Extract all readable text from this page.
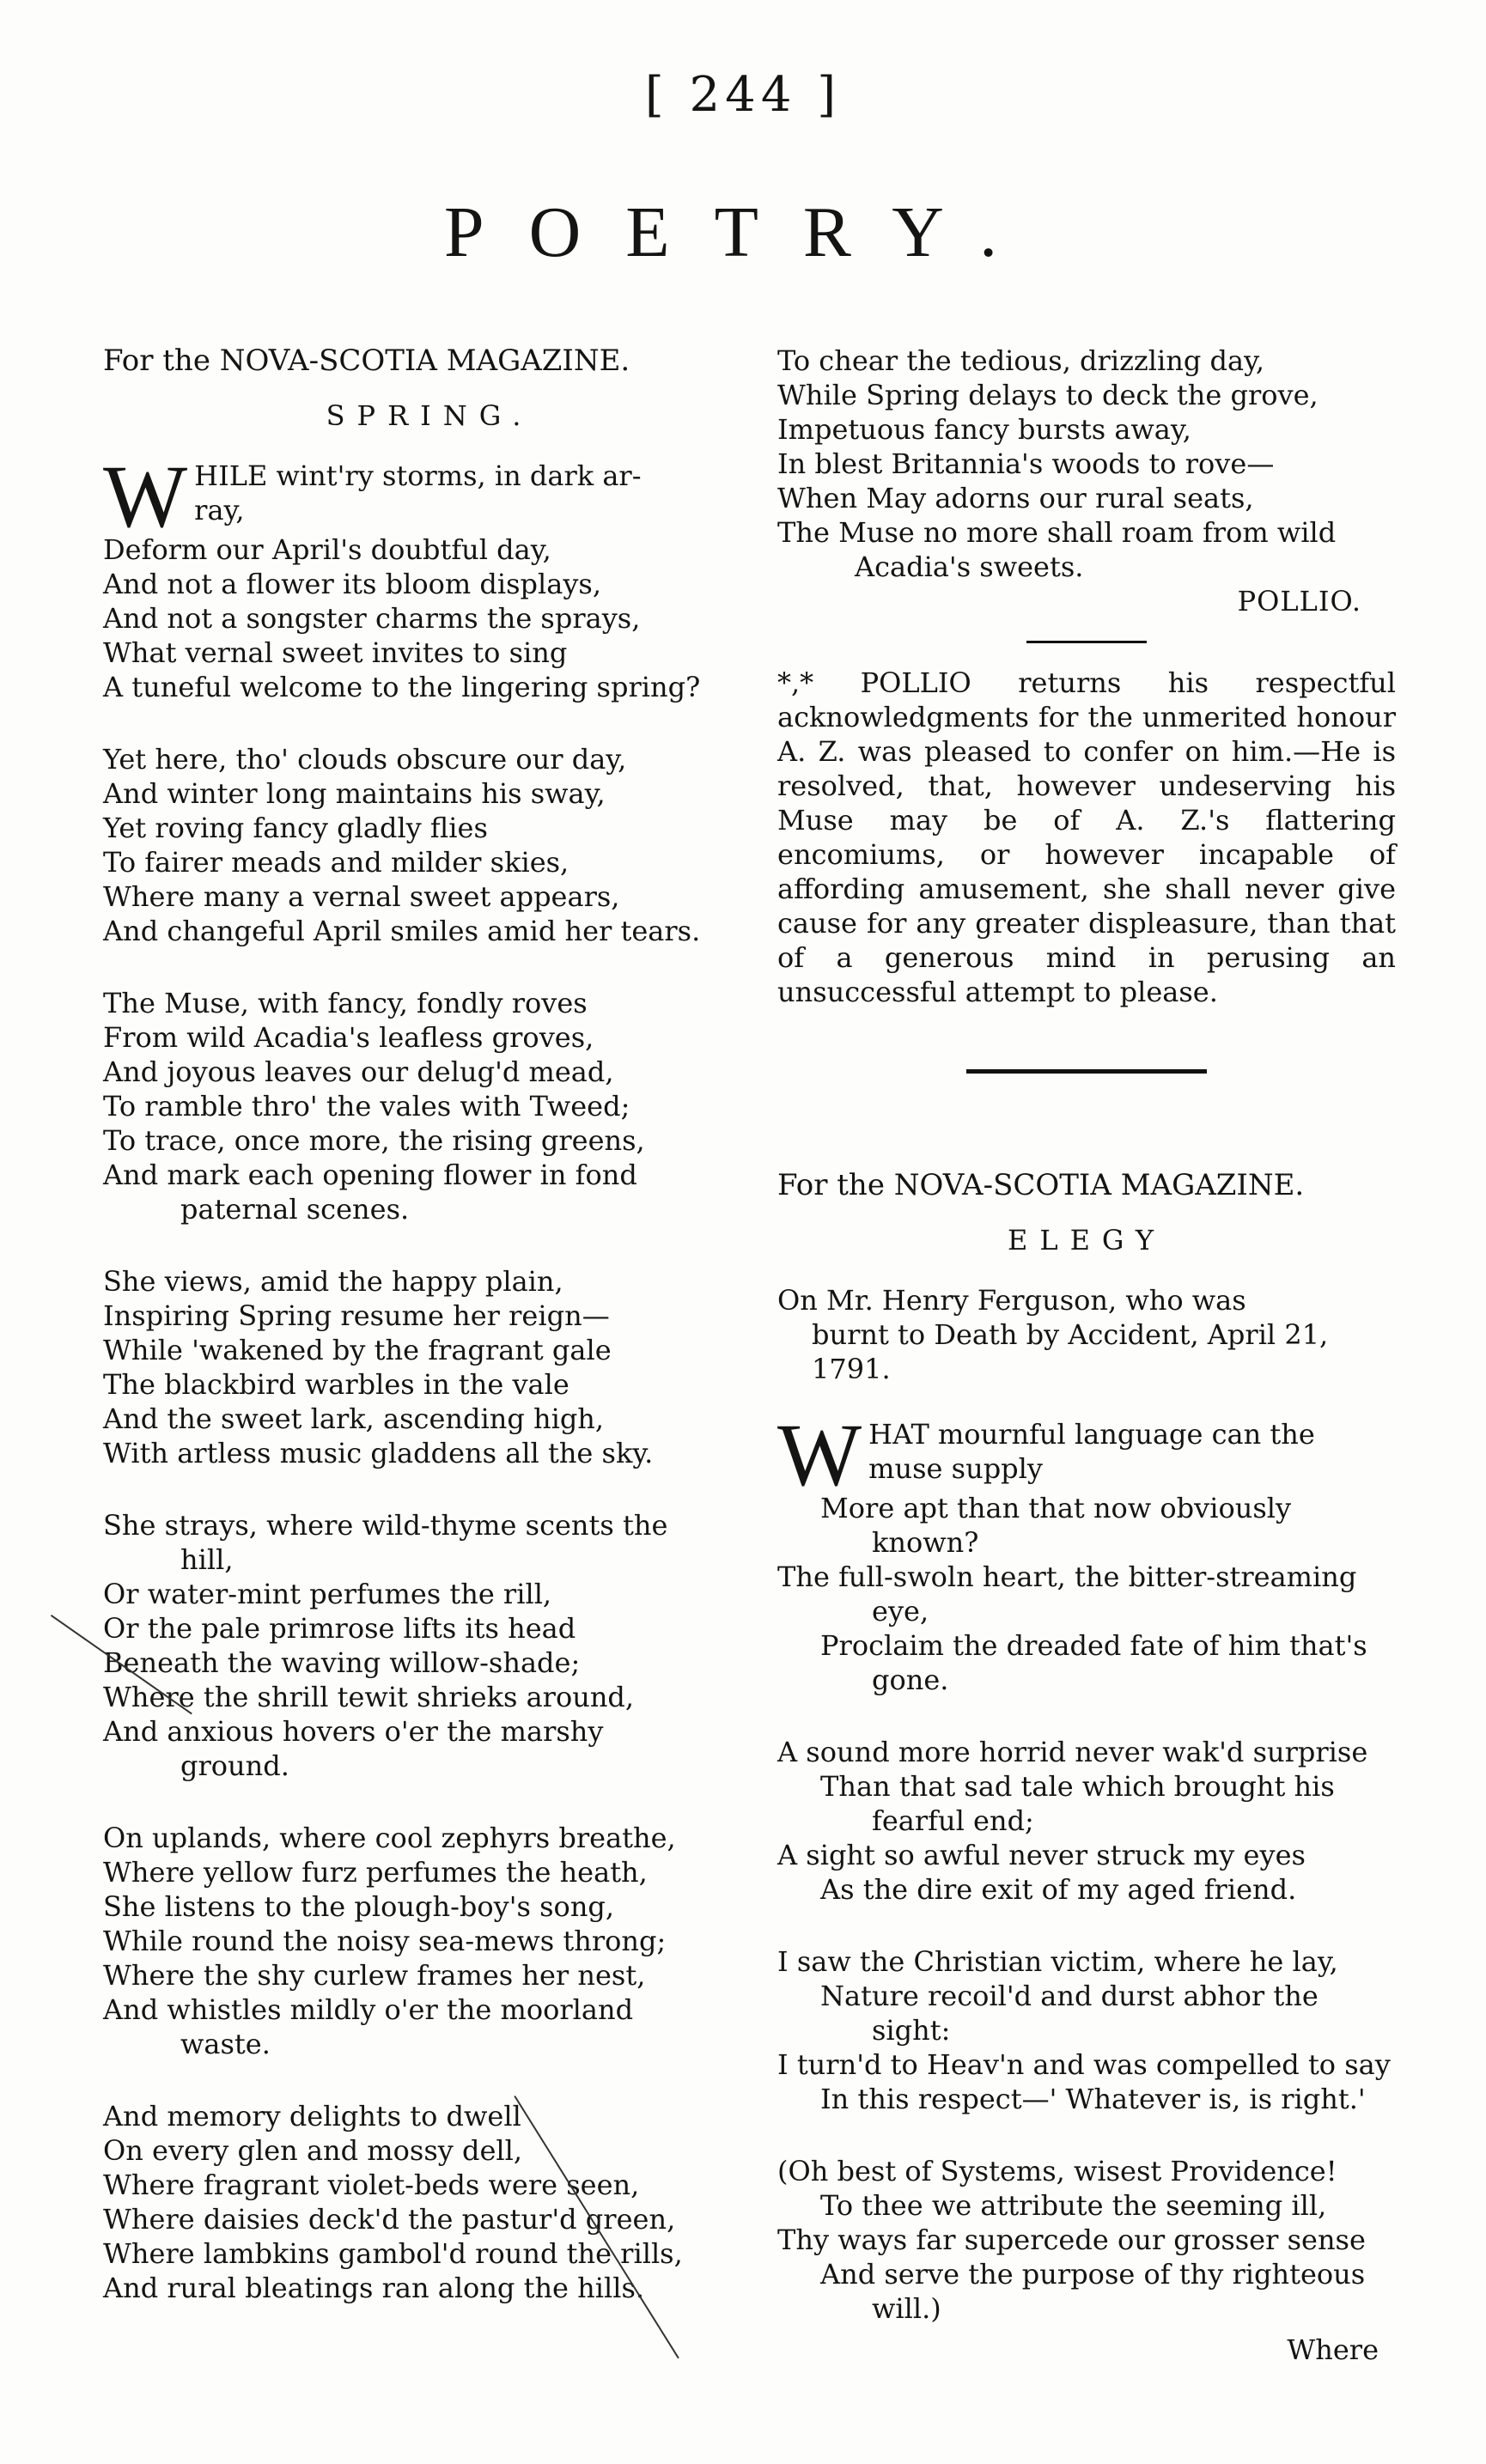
[ 244 ]
POETRY.
For the NOVA-SCOTIA MAGAZINE.
SPRING.
W HILE wint'ry storms, in dark ar-
ray,
Deform our April's doubtful day,
And not a flower its bloom displays,
And not a songster charms the sprays,
What vernal sweet invites to sing
A tuneful welcome to the lingering spring?
Yet here, tho' clouds obscure our day,
And winter long maintains his sway,
Yet roving fancy gladly flies
To fairer meads and milder skies,
Where many a vernal sweet appears,
And changeful April smiles amid her tears.
The Muse, with fancy, fondly roves
From wild Acadia's leafless groves,
And joyous leaves our delug'd mead,
To ramble thro' the vales with Tweed;
To trace, once more, the rising greens,
And mark each opening flower in fond
paternal scenes.
She views, amid the happy plain,
Inspiring Spring resume her reign—
While 'wakened by the fragrant gale
The blackbird warbles in the vale
And the sweet lark, ascending high,
With artless music gladdens all the sky.
She strays, where wild-thyme scents the
hill,
Or water-mint perfumes the rill,
Or the pale primrose lifts its head
Beneath the waving willow-shade;
Where the shrill tewit shrieks around,
And anxious hovers o'er the marshy
ground.
On uplands, where cool zephyrs breathe,
Where yellow furz perfumes the heath,
She listens to the plough-boy's song,
While round the noisy sea-mews throng;
Where the shy curlew frames her nest,
And whistles mildly o'er the moorland
waste.
And memory delights to dwell
On every glen and mossy dell,
Where fragrant violet-beds were seen,
Where daisies deck'd the pastur'd green,
Where lambkins gambol'd round the rills,
And rural bleatings ran along the hills.
To chear the tedious, drizzling day,
While Spring delays to deck the grove,
Impetuous fancy bursts away,
In blest Britannia's woods to rove—
When May adorns our rural seats,
The Muse no more shall roam from wild
Acadia's sweets.
POLLIO.
*,* POLLIO returns his respectful acknowledgments for the unmerited honour A. Z. was pleased to confer on him.—He is resolved, that, however undeserving his Muse may be of A. Z.'s flattering encomiums, or however incapable of affording amusement, she shall never give cause for any greater displeasure, than that of a generous mind in perusing an unsuccessful attempt to please.
For the NOVA-SCOTIA MAGAZINE.
ELEGY
On Mr. Henry Ferguson, who was
burnt to Death by Accident, April 21,
1791.
W HAT mournful language can the
muse supply
More apt than that now obviously
known?
The full-swoln heart, the bitter-streaming
eye,
Proclaim the dreaded fate of him that's
gone.
A sound more horrid never wak'd surprise
Than that sad tale which brought his
fearful end;
A sight so awful never struck my eyes
As the dire exit of my aged friend.
I saw the Christian victim, where he lay,
Nature recoil'd and durst abhor the
sight:
I turn'd to Heav'n and was compelled to say
In this respect—' Whatever is, is right.'
(Oh best of Systems, wisest Providence!
To thee we attribute the seeming ill,
Thy ways far supercede our grosser sense
And serve the purpose of thy righteous
will.)
Where
